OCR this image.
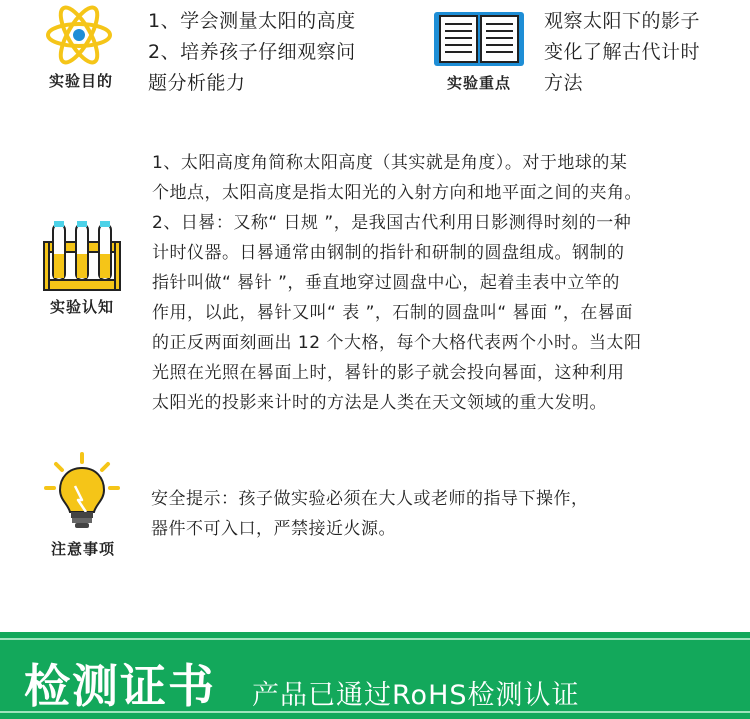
实验目的
1、学会测量太阳的高度
2、培养孩子仔细观察问
题分析能力	实验重点
观察太阳下的影子
变化了解古代计时
方法
实验认知
1、太阳高度角简称太阳高度（其实就是角度）。对于地球的某
个地点，太阳高度是指太阳光的入射方向和地平面之间的夹角。
2、日晷：又称“ 日规 ”，是我国古代利用日影测得时刻的一种
计时仪器。日晷通常由钢制的指针和研制的圆盘组成。钢制的
指针叫做“ 晷针 ”，垂直地穿过圆盘中心，起着圭表中立竿的
作用，以此，晷针又叫“ 表 ”，石制的圆盘叫“ 晷面 ”，在晷面
的正反两面刻画出 12 个大格，每个大格代表两个小时。当太阳
光照在光照在晷面上时，晷针的影子就会投向晷面，这种利用
太阳光的投影来计时的方法是人类在天文领域的重大发明。
注意事项
安全提示：孩子做实验必须在大人或老师的指导下操作，
器件不可入口，严禁接近火源。
检测证书 产品已通过RoHS检测认证
